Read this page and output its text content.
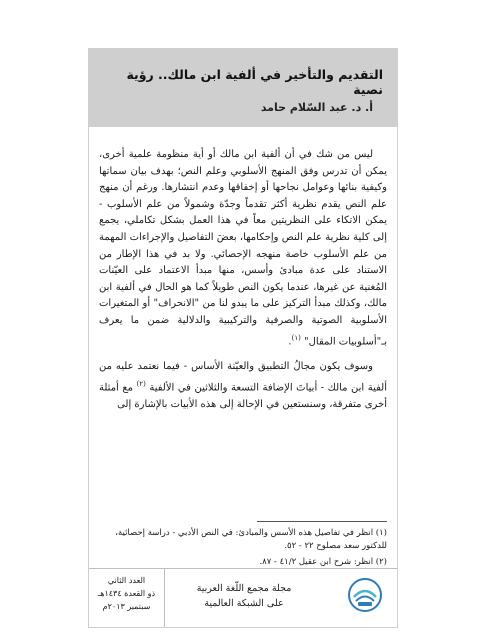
التقديم والتأخير في ألفية ابن مالك.. رؤية نصية
أ. د. عبد السّلام حامد

ليس من شك في أن ألفية ابن مالك أو أية منظومة علمية أخرى، يمكن أن تدرس وفق المنهج الأسلوبي وعلم النص؛ بهدف بيان سماتها وكيفية بنائها وعوامل نجاحها أو إخفاقها وعدم انتشارها. ورغم أن منهج علم النص يقدم نظرية أكثر تقدماً وجدّة وشمولاً من علم الأسلوب - يمكن الاتكاء على النظريتين معاً في هذا العمل بشكل تكاملي، يجمع إلى كلية نظرية علم النص وإحكامها، بعضَ التفاصيل والإجراءات المهمة من علم الأسلوب خاصة منهجه الإحصائي. ولا بد في هذا الإطار من الاستناد على عدة مبادئ وأسس، منها مبدأ الاعتماد على العيّنات المُغنية عن غيرها، عندما يكون النص طويلاً كما هو الحال في ألفية ابن مالك، وكذلك مبدأ التركيز على ما يبدو لنا من "الانحراف" أو المتغيرات الأسلوبية الصوتية والصرفية والتركيبية والدلالية ضمن ما يعرف بـ"أسلوبيات المقال" $^{(١)}$.

وسوف يكون مجالُ التطبيق والعيّنة الأساس - فيما نعتمد عليه من ألفية ابن مالك - أبياتَ الإضافة التسعة والثلاثين في الألفية $^{(٢)}$ مع أمثلة أخرى متفرقة، وسنستعين في الإحالة إلى هذه الأبيات بالإشارة إلى

(١) انظر في تفاصيل هذه الأسس والمبادئ: في النص الأدبي - دراسة إحصائية، للدكتور سعد مصلوح ٢٢ - ٥٢.
(٢) انظر: شرح ابن عقيل ٤١/٢ - ٨٧.
مجلة مجمع اللّغة العربية
على الشبكة العالمية
العدد الثاني
ذو القعدة ١٤٣٤هـ
سبتمبر ٢٠١٣م
